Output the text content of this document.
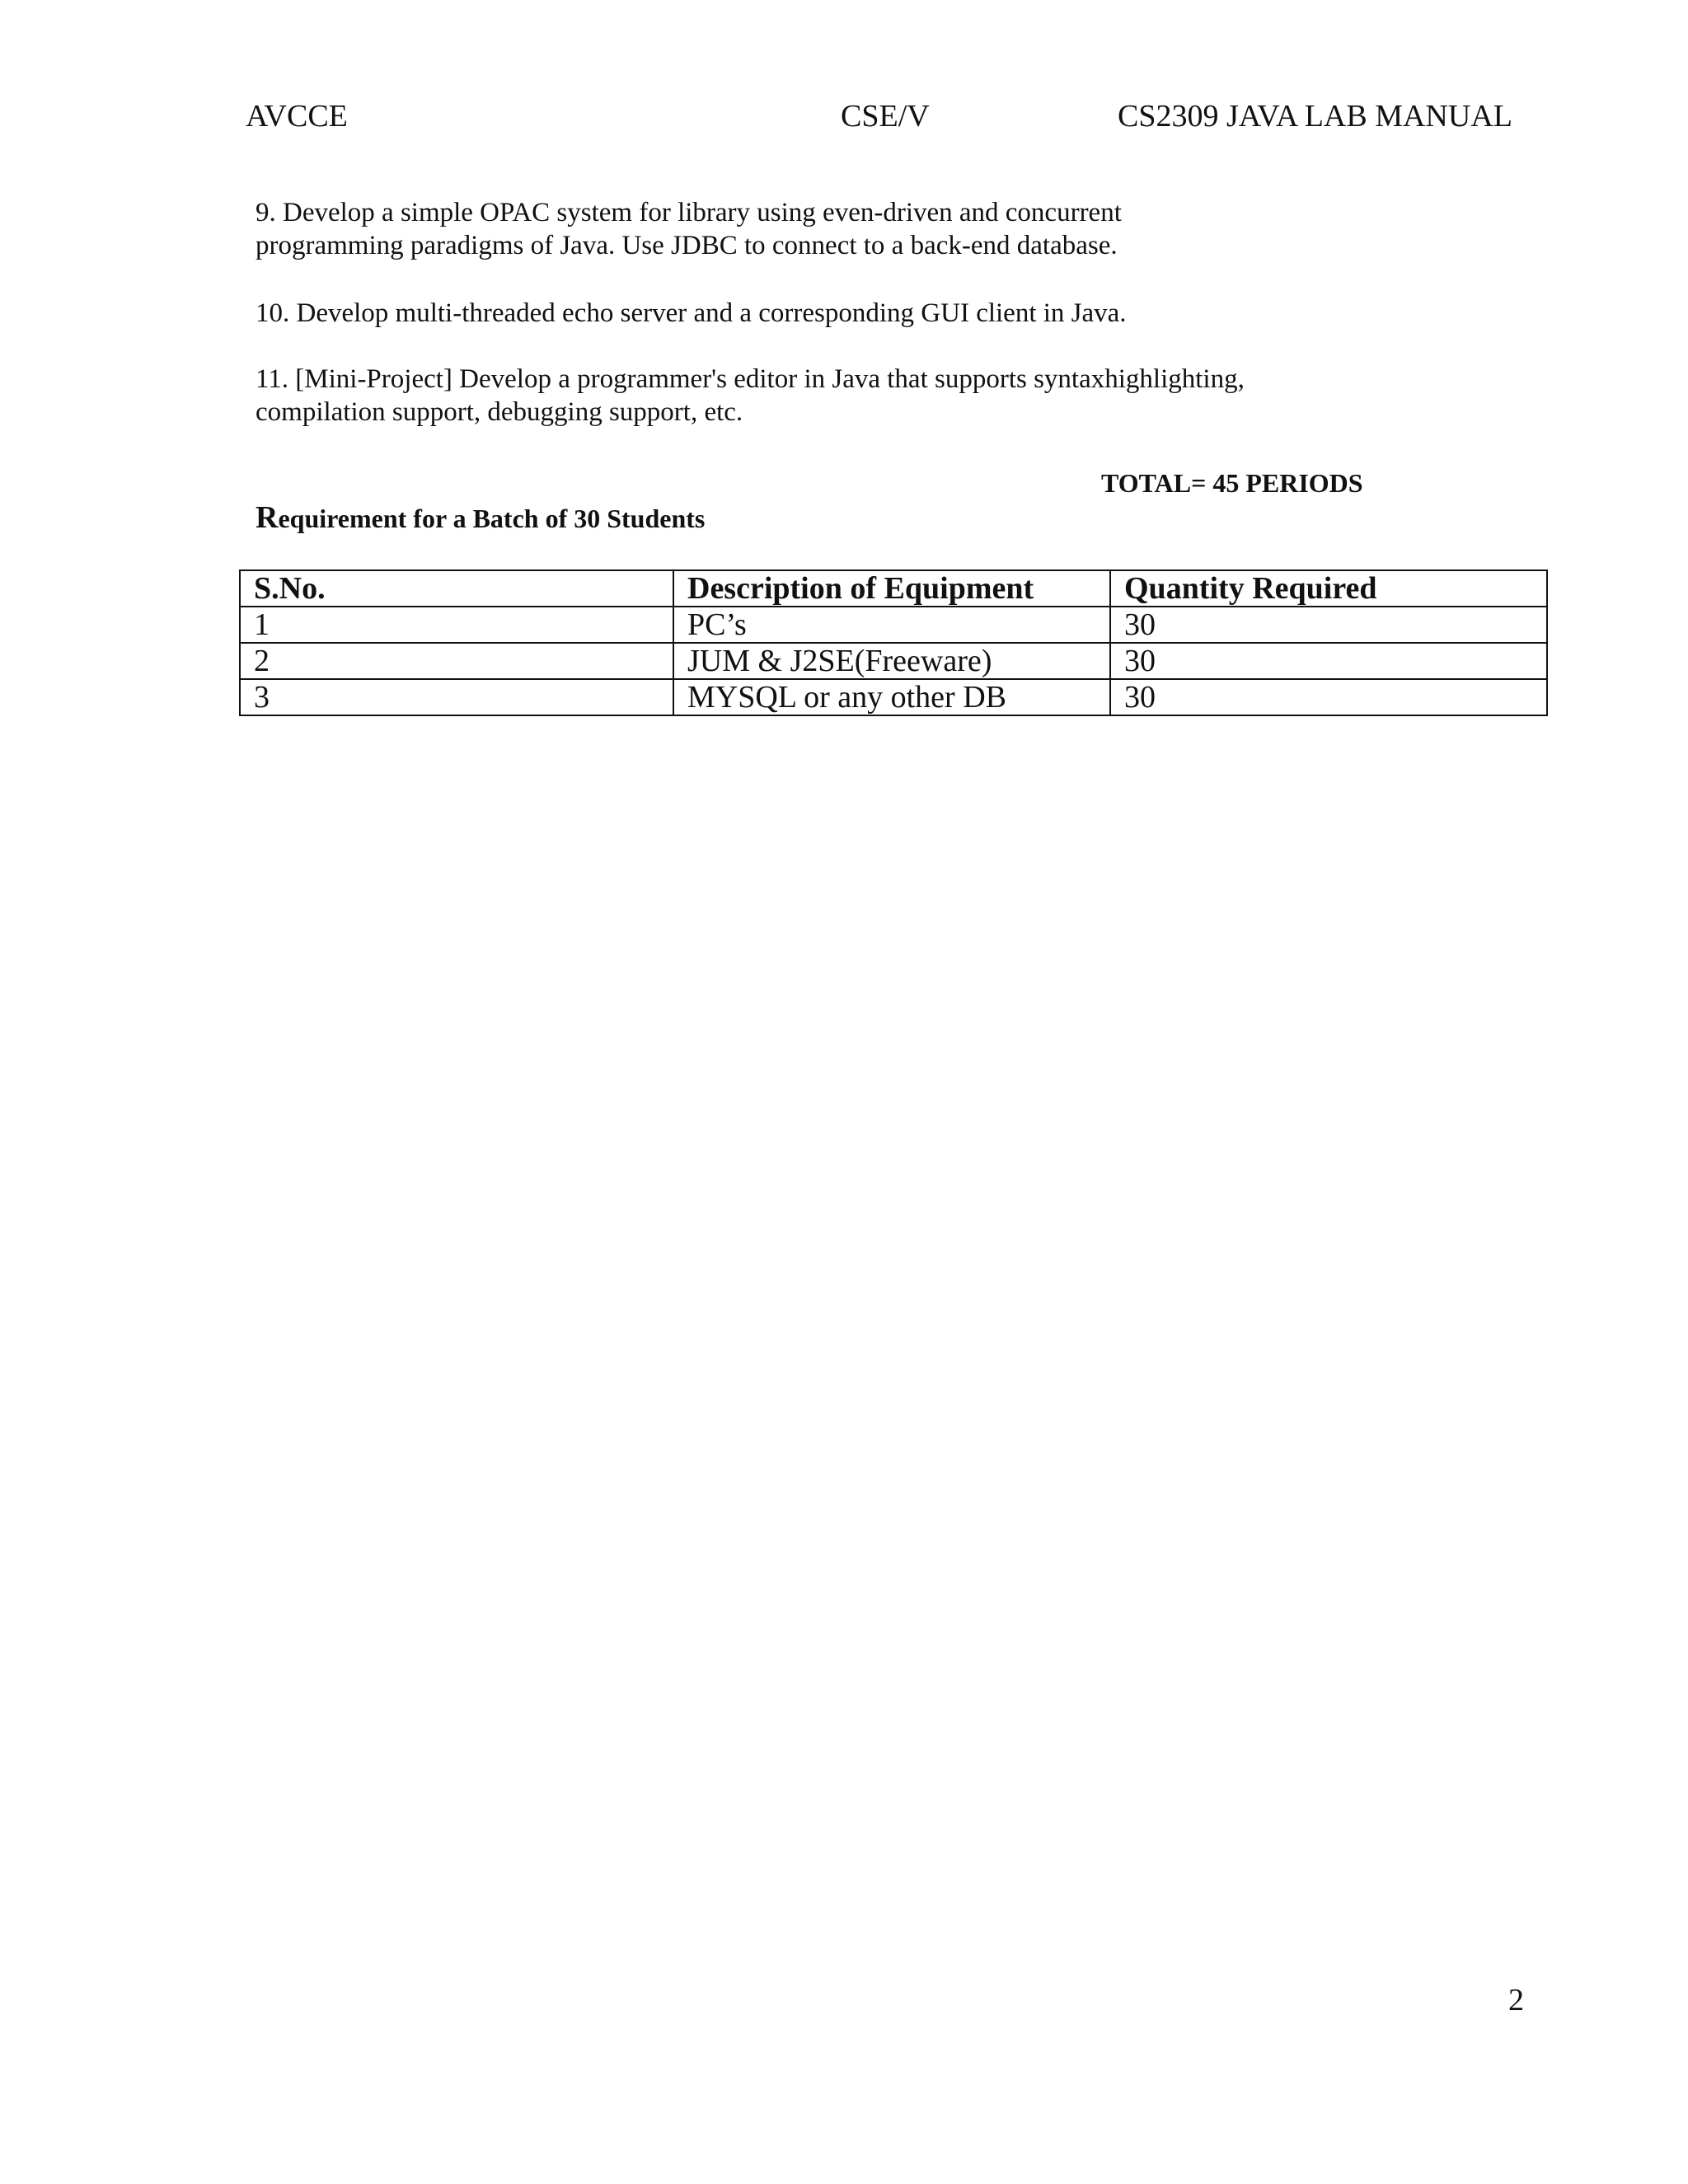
AVCCE	CSE/V	CS2309 JAVA LAB MANUAL
9. Develop a simple OPAC system for library using even-driven and concurrent
programming paradigms of Java. Use JDBC to connect to a back-end database.
10. Develop multi-threaded echo server and a corresponding GUI client in Java.
11. [Mini-Project] Develop a programmer's editor in Java that supports syntaxhighlighting,
compilation support, debugging support, etc.
TOTAL= 45 PERIODS
Requirement for a Batch of 30 Students
S.No.	Description of Equipment	Quantity Required
1	PC’s	30
2	JUM & J2SE(Freeware)	30
3	MYSQL or any other DB	30
2
